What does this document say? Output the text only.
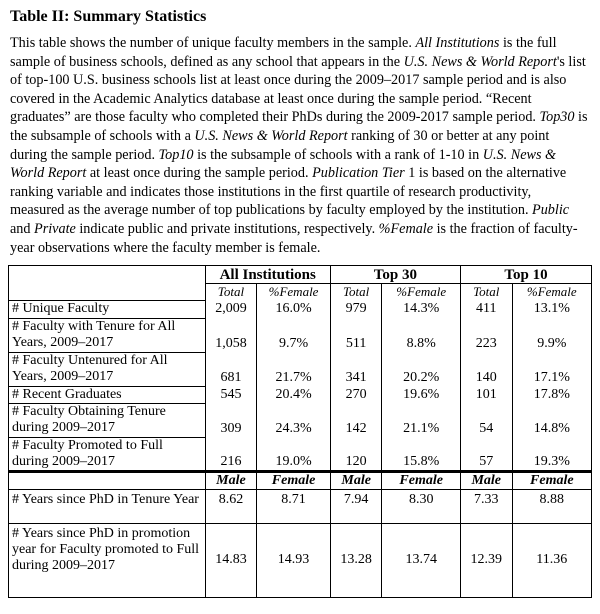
Table II: Summary Statistics
This table shows the number of unique faculty members in the sample. All Institutions is the full sample of business schools, defined as any school that appears in the U.S. News & World Report's list of top-100 U.S. business schools list at least once during the 2009–2017 sample period and is also covered in the Academic Analytics database at least once during the sample period. “Recent graduates” are those faculty who completed their PhDs during the 2009-2017 sample period. Top30 is the subsample of schools with a U.S. News & World Report ranking of 30 or better at any point during the sample period. Top10 is the subsample of schools with a rank of 1-10 in U.S. News & World Report at least once during the sample period. Publication Tier 1 is based on the alternative ranking variable and indicates those institutions in the first quartile of research productivity, measured as the average number of top publications by faculty employed by the institution. Public and Private indicate public and private institutions, respectively. %Female is the fraction of faculty-year observations where the faculty member is female.
	All Institutions		Top 30		Top 10	
	Total	%Female	Total	%Female	Total	%Female
# Unique Faculty	2,009	16.0%	979	14.3%	411	13.1%
# Faculty with Tenure for All Years, 2009–2017	1,058	9.7%	511	8.8%	223	9.9%
# Faculty Untenured for All Years, 2009–2017	681	21.7%	341	20.2%	140	17.1%
# Recent Graduates	545	20.4%	270	19.6%	101	17.8%
# Faculty Obtaining Tenure during 2009–2017	309	24.3%	142	21.1%	54	14.8%
# Faculty Promoted to Full during 2009–2017	216	19.0%	120	15.8%	57	19.3%
	Male	Female	Male	Female	Male	Female
# Years since PhD in Tenure Year	8.62	8.71	7.94	8.30	7.33	8.88
# Years since PhD in promotion year for Faculty promoted to Full during 2009–2017	14.83	14.93	13.28	13.74	12.39	11.36
